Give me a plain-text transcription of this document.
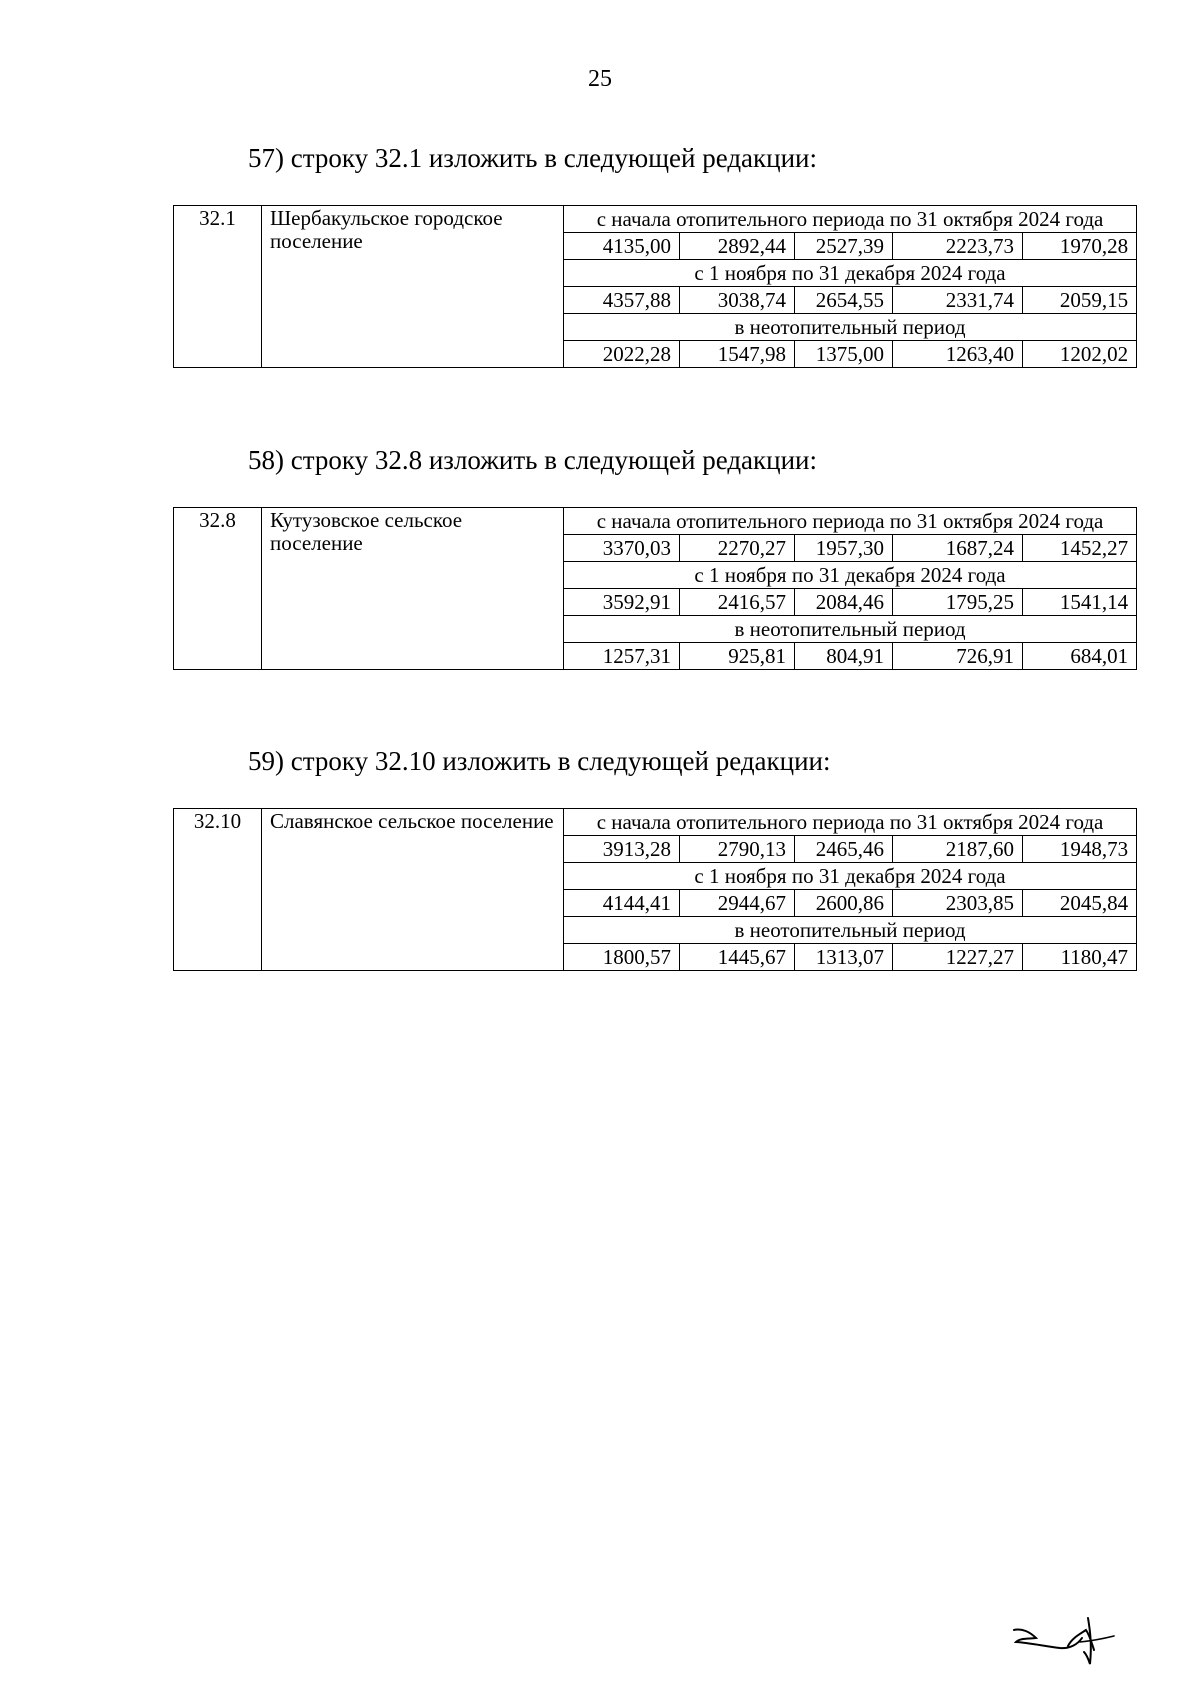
25
57) строку 32.1 изложить в следующей редакции:
32.1	Шербакульское городское поселение	с начала отопительного периода по 31 октября 2024 года				
		4135,00	2892,44	2527,39	2223,73	1970,28
		с 1 ноября по 31 декабря 2024 года				
		4357,88	3038,74	2654,55	2331,74	2059,15
		в неотопительный период				
		2022,28	1547,98	1375,00	1263,40	1202,02
58) строку 32.8 изложить в следующей редакции:
32.8	Кутузовское сельское поселение	с начала отопительного периода по 31 октября 2024 года				
		3370,03	2270,27	1957,30	1687,24	1452,27
		с 1 ноября по 31 декабря 2024 года				
		3592,91	2416,57	2084,46	1795,25	1541,14
		в неотопительный период				
		1257,31	925,81	804,91	726,91	684,01
59) строку 32.10 изложить в следующей редакции:
32.10	Славянское сельское поселение	с начала отопительного периода по 31 октября 2024 года				
		3913,28	2790,13	2465,46	2187,60	1948,73
		с 1 ноября по 31 декабря 2024 года				
		4144,41	2944,67	2600,86	2303,85	2045,84
		в неотопительный период				
		1800,57	1445,67	1313,07	1227,27	1180,47
